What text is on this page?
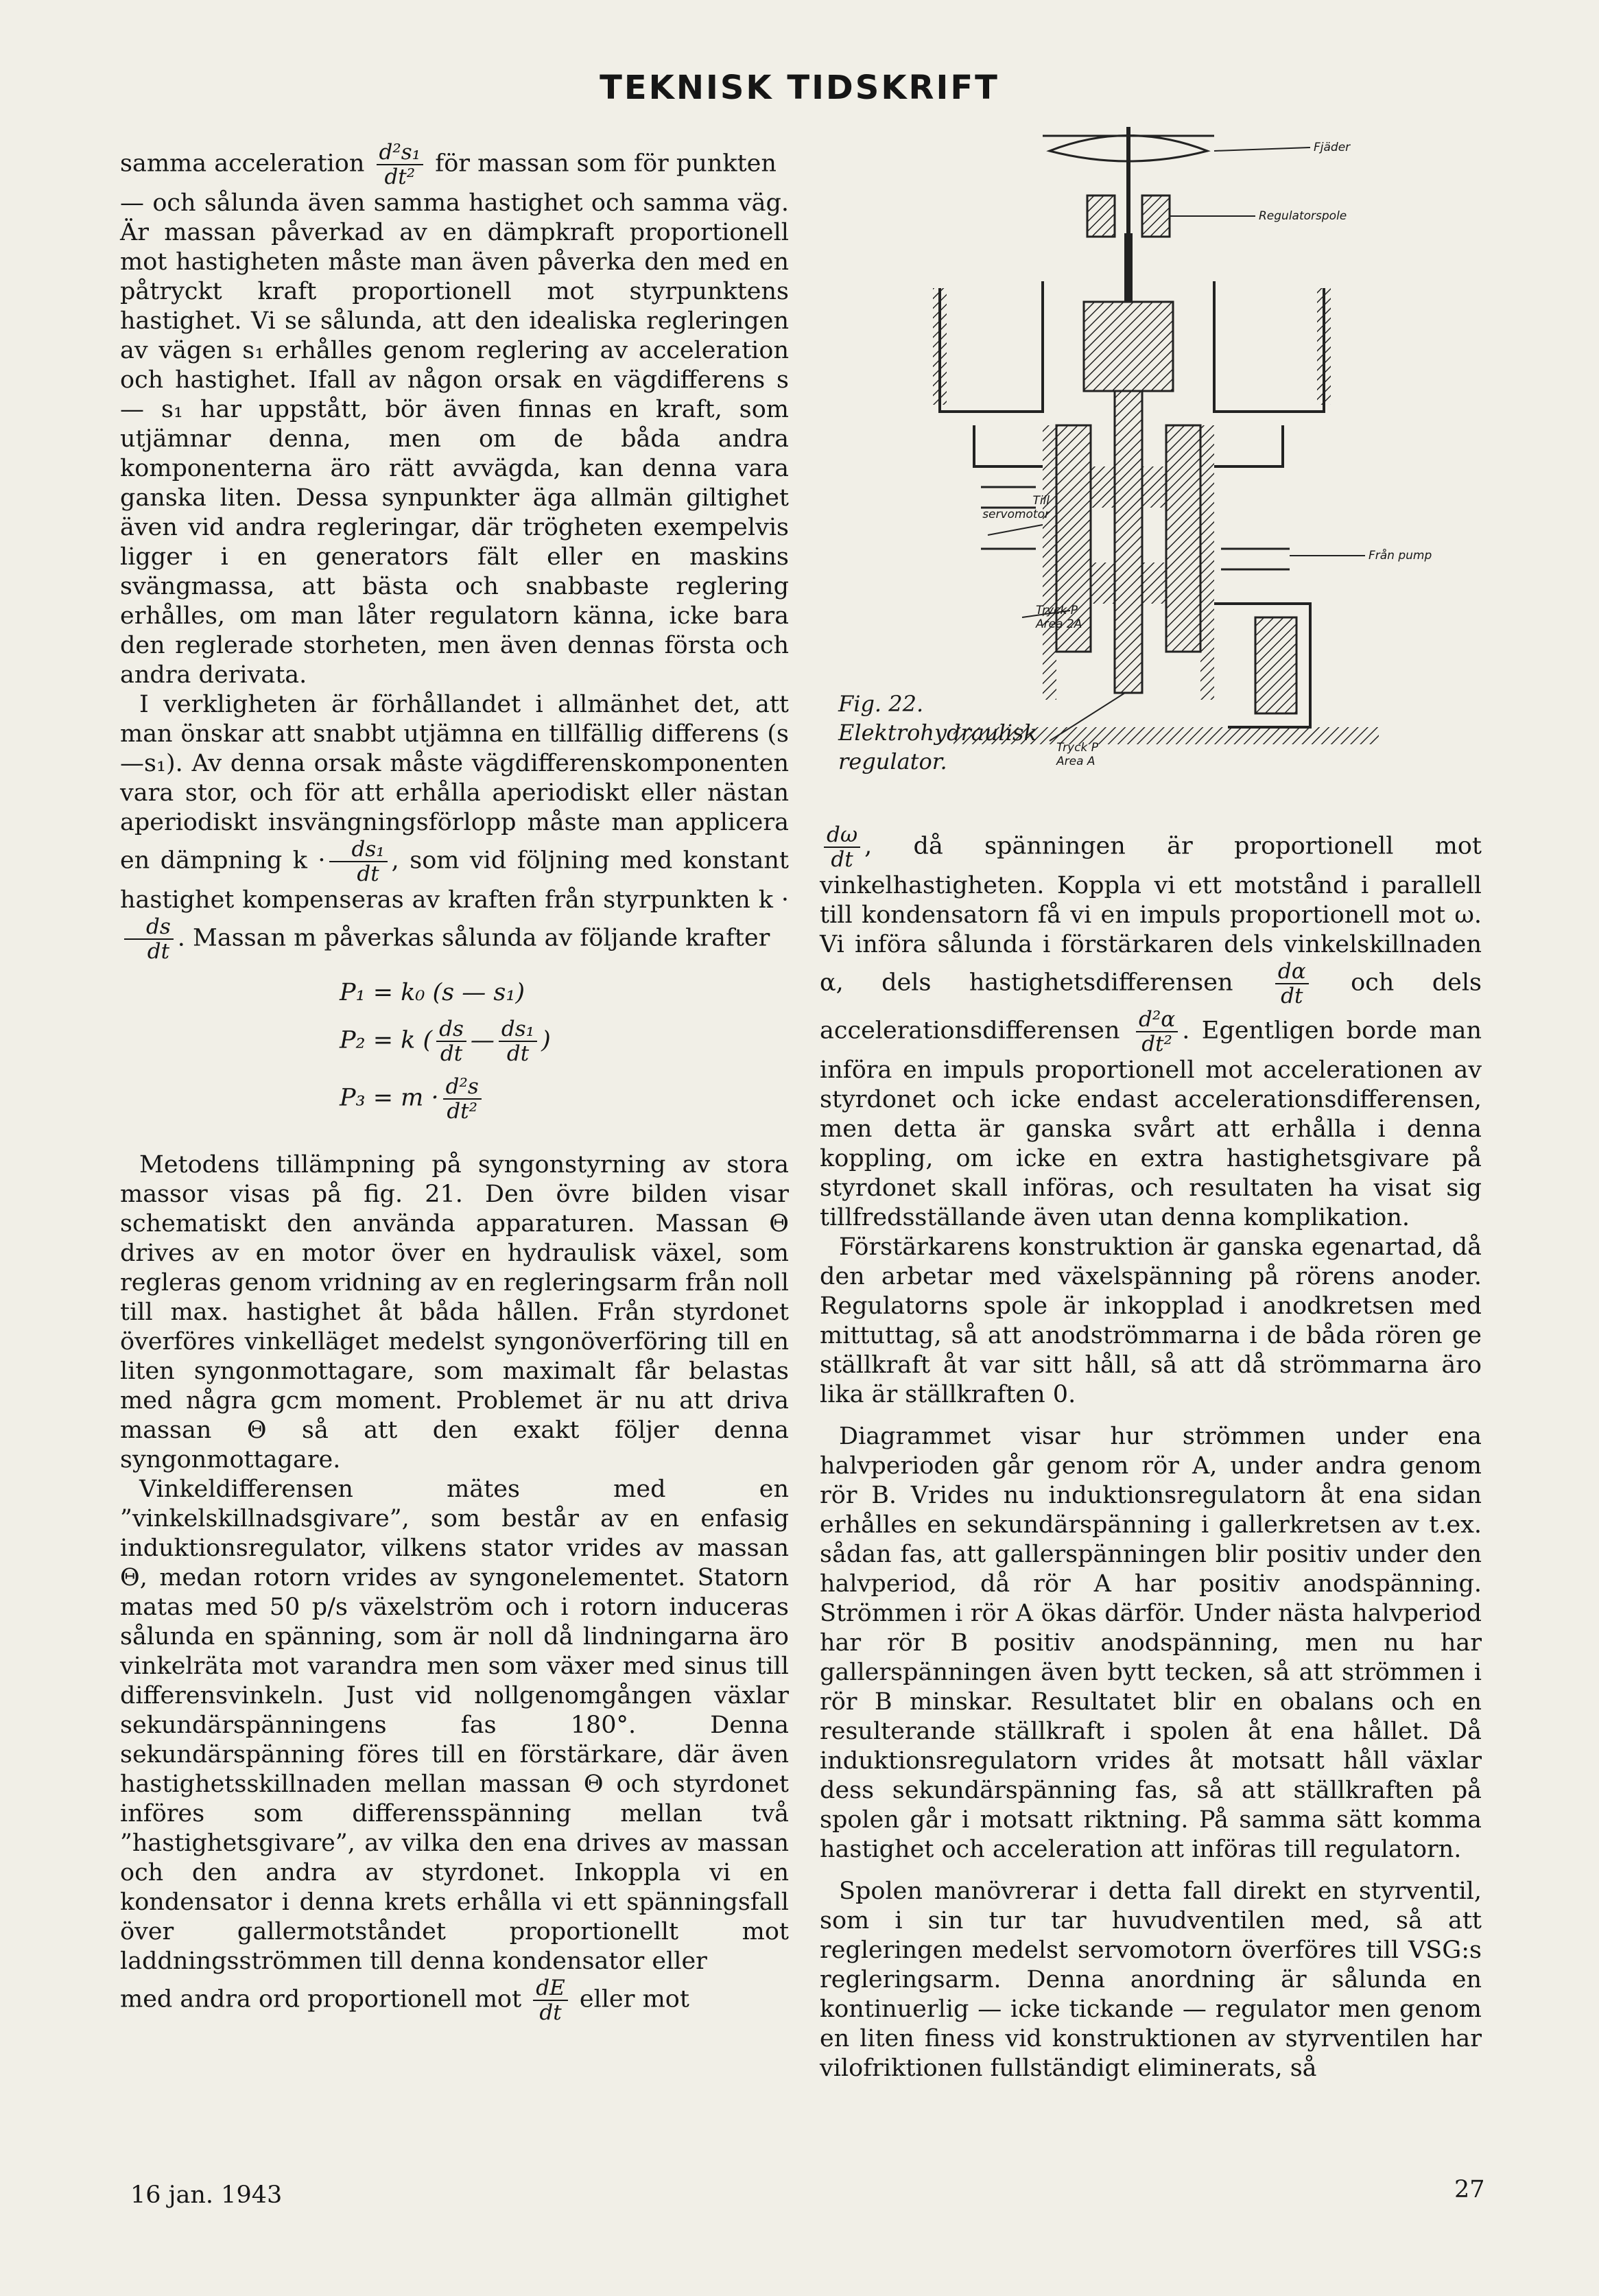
TEKNISK TIDSKRIFT

samma acceleration $\frac{\text{d²s₁}}{\text{dt²}}$ för massan som för punkten

— och sålunda även samma hastighet och samma väg. Är massan påverkad av en dämpkraft proportionell mot hastigheten måste man även påverka den med en påtryckt kraft proportionell mot styrpunktens hastighet. Vi se sålunda, att den idealiska regleringen av vägen s₁ erhålles genom reglering av acceleration och hastighet. Ifall av någon orsak en vägdifferens s — s₁ har uppstått, bör även finnas en kraft, som utjämnar denna, men om de båda andra komponenterna äro rätt avvägda, kan denna vara ganska liten. Dessa synpunkter äga allmän giltighet även vid andra regleringar, där trögheten exempelvis ligger i en generators fält eller en maskins svängmassa, att bästa och snabbaste reglering erhålles, om man låter regulatorn känna, icke bara den reglerade storheten, men även dennas första och andra derivata.

I verkligheten är förhållandet i allmänhet det, att man önskar att snabbt utjämna en tillfällig differens (s—s₁). Av denna orsak måste vägdifferenskomponenten vara stor, och för att erhålla aperiodiskt eller nästan aperiodiskt insvängningsförlopp måste man applicera en dämpning $k \cdot \frac{\text{ds₁}}{dt}$ , som vid följning med konstant hastighet kompenseras av kraften från styrpunkten k ·
$\frac{ds}{dt}$ . Massan m påverkas sålunda av följande krafter

P₁ = k₀ (s — s₁)
P₂ = k ( $\frac{ds}{dt}$ — $\frac{\text{ds₁}}{dt}$ )
$P_3 = m \cdot \frac{\text{d²s}}{\text{dt²}}$

Metodens tillämpning på syngonstyrning av stora massor visas på fig. 21. Den övre bilden visar schematiskt den använda apparaturen. Massan Θ drives av en motor över en hydraulisk växel, som regleras genom vridning av en regleringsarm från noll till max. hastighet åt båda hållen. Från styrdonet överföres vinkelläget medelst syngonöverföring till en liten syngonmottagare, som maximalt får belastas med några gcm moment. Problemet är nu att driva massan Θ så att den exakt följer denna syngonmottagare.

Vinkeldifferensen mätes med en ”vinkelskillnadsgivare”, som består av en enfasig induktionsregulator, vilkens stator vrides av massan Θ, medan rotorn vrides av syngonelementet. Statorn matas med 50 p/s växelström och i rotorn induceras sålunda en spänning, som är noll då lindningarna äro vinkelräta mot varandra men som växer med sinus till differensvinkeln. Just vid nollgenomgången växlar sekundärspänningens fas 180°. Denna sekundärspänning föres till en förstärkare, där även hastighetsskillnaden mellan massan Θ och styrdonet införes som differensspänning mellan två ”hastighetsgivare”, av vilka den ena drives av massan och den andra av styrdonet. Inkoppla vi en kondensator i denna krets erhålla vi ett spänningsfall över gallermotståndet proportionellt mot laddningsströmmen till denna kondensator eller

med andra ord proportionell mot $\frac{dE}{dt}$ eller mot

Fjäder
Regulatorspole
Till servomotor
Från pump
Tryck P Area 2A
Tryck P Area A
Fig. 22. Elektrohydraulisk regulator.

$\frac{d\omega}{dt}$ , då spänningen är proportionell mot vinkelhastigheten. Koppla vi ett motstånd i parallell till kondensatorn få vi en impuls proportionell mot ω. Vi införa sålunda i förstärkaren dels vinkelskillnaden α, dels hastighetsdifferensen $\frac{d\alpha}{dt}$ och dels accelerationsdifferensen $\frac{\text{d²α}}{\text{dt²}}$ . Egentligen borde man införa en impuls proportionell mot accelerationen av styrdonet och icke endast accelerationsdifferensen, men detta är ganska svårt att erhålla i denna koppling, om icke en extra hastighetsgivare på styrdonet skall införas, och resultaten ha visat sig tillfredsställande även utan denna komplikation.

Förstärkarens konstruktion är ganska egenartad, då den arbetar med växelspänning på rörens anoder. Regulatorns spole är inkopplad i anodkretsen med mittuttag, så att anodströmmarna i de båda rören ge ställkraft åt var sitt håll, så att då strömmarna äro lika är ställkraften 0.

Diagrammet visar hur strömmen under ena halvperioden går genom rör A, under andra genom rör B. Vrides nu induktionsregulatorn åt ena sidan erhålles en sekundärspänning i gallerkretsen av t.ex. sådan fas, att gallerspänningen blir positiv under den halvperiod, då rör A har positiv anodspänning. Strömmen i rör A ökas därför. Under nästa halvperiod har rör B positiv anodspänning, men nu har gallerspänningen även bytt tecken, så att strömmen i rör B minskar. Resultatet blir en obalans och en resulterande ställkraft i spolen åt ena hållet. Då induktionsregulatorn vrides åt motsatt håll växlar dess sekundärspänning fas, så att ställkraften på spolen går i motsatt riktning. På samma sätt komma hastighet och acceleration att införas till regulatorn.

Spolen manövrerar i detta fall direkt en styrventil, som i sin tur tar huvudventilen med, så att regleringen medelst servomotorn överföres till VSG:s regleringsarm. Denna anordning är sålunda en kontinuerlig — icke tickande — regulator men genom en liten finess vid konstruktionen av styrventilen har vilofriktionen fullständigt eliminerats, så

16 jan. 1943	27
